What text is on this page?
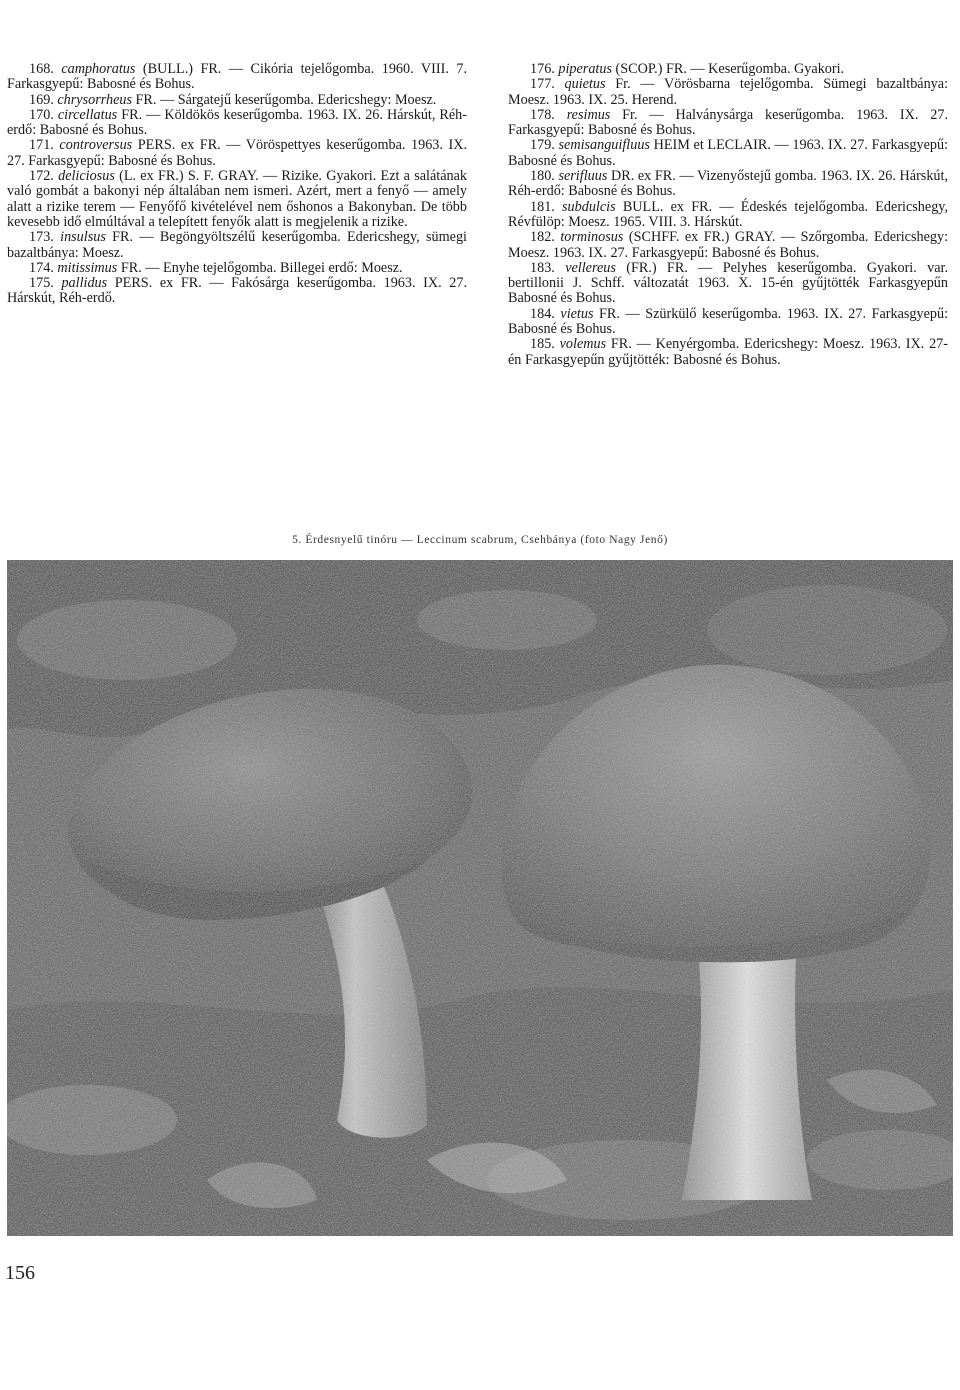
168. camphoratus (BULL.) FR. — Cikória tejelőgomba. 1960. VIII. 7. Farkasgyepű: Babosné és Bohus.

169. chrysorrheus FR. — Sárgatejű keserűgomba. Edericshegy: Moesz.

170. circellatus FR. — Köldökös keserűgomba. 1963. IX. 26. Hárskút, Réh-erdő: Babosné és Bohus.

171. controversus PERS. ex FR. — Vöröspettyes keserűgomba. 1963. IX. 27. Farkasgyepű: Babosné és Bohus.

172. deliciosus (L. ex FR.) S. F. GRAY. — Rizike. Gyakori. Ezt a salátának való gombát a bakonyi nép általában nem ismeri. Azért, mert a fenyő — amely alatt a rizike terem — Fenyőfő kivételével nem őshonos a Bakonyban. De több kevesebb idő elmúltával a telepített fenyők alatt is megjelenik a rizike.

173. insulsus FR. — Begöngyöltszélű keserűgomba. Edericshegy, sümegi bazaltbánya: Moesz.

174. mitissimus FR. — Enyhe tejelőgomba. Billegei erdő: Moesz.

175. pallidus PERS. ex FR. — Fakósárga keserűgomba. 1963. IX. 27. Hárskút, Réh-erdő.

176. piperatus (SCOP.) FR. — Keserűgomba. Gyakori.

177. quietus Fr. — Vörösbarna tejelőgomba. Sümegi bazaltbánya: Moesz. 1963. IX. 25. Herend.

178. resimus Fr. — Halványsárga keserűgomba. 1963. IX. 27. Farkasgyepű: Babosné és Bohus.

179. semisanguifluus HEIM et LECLAIR. — 1963. IX. 27. Farkasgyepű: Babosné és Bohus.

180. serifluus DR. ex FR. — Vizenyőstejű gomba. 1963. IX. 26. Hárskút, Réh-erdő: Babosné és Bohus.

181. subdulcis BULL. ex FR. — Édeskés tejelőgomba. Edericshegy, Révfülöp: Moesz. 1965. VIII. 3. Hárskút.

182. torminosus (SCHFF. ex FR.) GRAY. — Szőrgomba. Edericshegy: Moesz. 1963. IX. 27. Farkasgyepű: Babosné és Bohus.

183. vellereus (FR.) FR. — Pelyhes keserűgomba. Gyakori. var. bertillonii J. Schff. változatát 1963. X. 15-én gyűjtötték Farkasgyepűn Babosné és Bohus.

184. vietus FR. — Szürkülő keserűgomba. 1963. IX. 27. Farkasgyepű: Babosné és Bohus.

185. volemus FR. — Kenyérgomba. Edericshegy: Moesz. 1963. IX. 27-én Farkasgyepűn gyűjtötték: Babosné és Bohus.

5. Érdesnyelű tinóru — Leccinum scabrum, Csehbánya (foto Nagy Jenő)
156
